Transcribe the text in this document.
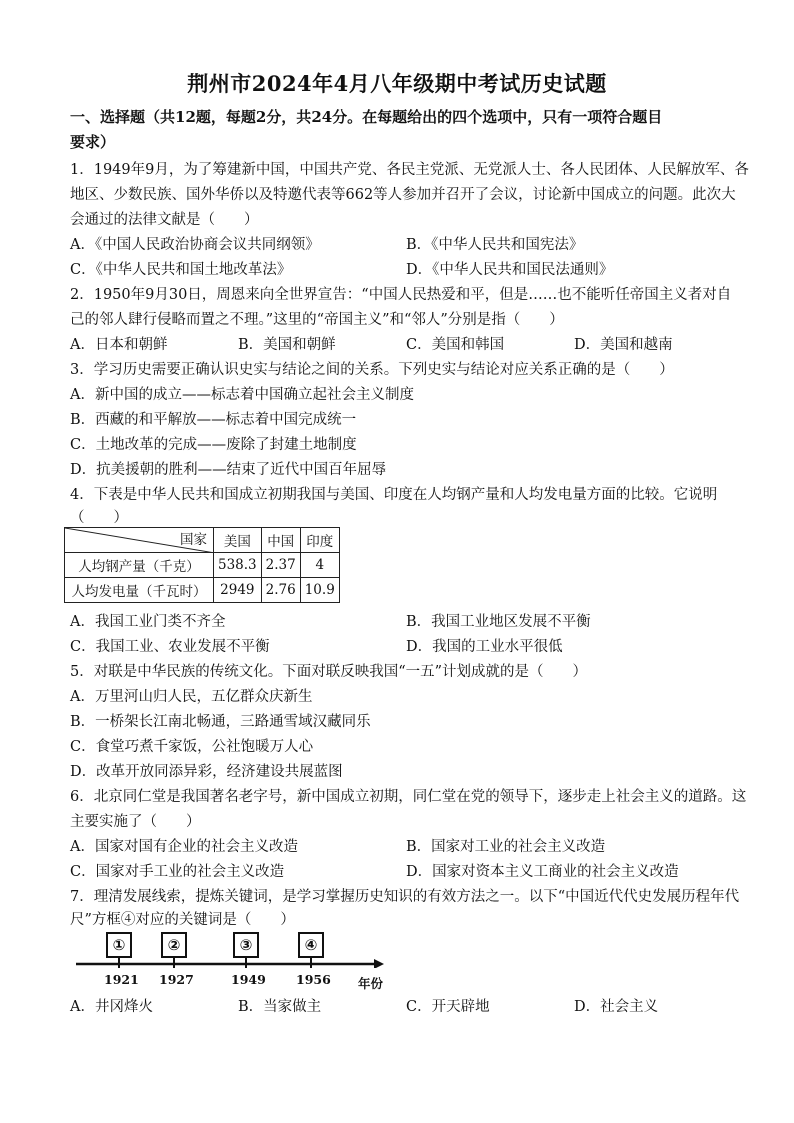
荆州市2024年4月八年级期中考试历史试题
一、选择题（共12题，每题2分，共24分。在每题给出的四个选项中，只有一项符合题目
要求）
1．1949年9月，为了筹建新中国，中国共产党、各民主党派、无党派人士、各人民团体、人民解放军、各
地区、少数民族、国外华侨以及特邀代表等662等人参加并召开了会议，讨论新中国成立的问题。此次大
会通过的法律文献是（　　）
A．《中国人民政治协商会议共同纲领》	B．《中华人民共和国宪法》
C．《中华人民共和国土地改革法》	D．《中华人民共和国民法通则》
2．1950年9月30日，周恩来向全世界宣告：“中国人民热爱和平，但是……也不能听任帝国主义者对自
己的邻人肆行侵略而置之不理。”这里的“帝国主义”和“邻人”分别是指（　　）
A．日本和朝鲜	B．美国和朝鲜	C．美国和韩国	D．美国和越南
3．学习历史需要正确认识史实与结论之间的关系。下列史实与结论对应关系正确的是（　　）
A．新中国的成立——标志着中国确立起社会主义制度
B．西藏的和平解放——标志着中国完成统一
C．土地改革的完成——废除了封建土地制度
D．抗美援朝的胜利——结束了近代中国百年屈辱
4．下表是中华人民共和国成立初期我国与美国、印度在人均钢产量和人均发电量方面的比较。它说明
（　　）
国家	美国	中国	印度
人均钢产量（千克）	538.3	2.37	4
人均发电量（千瓦时）	2949	2.76	10.9
A．我国工业门类不齐全	B．我国工业地区发展不平衡
C．我国工业、农业发展不平衡	D．我国的工业水平很低
5．对联是中华民族的传统文化。下面对联反映我国“一五”计划成就的是（　　）
A．万里河山归人民，五亿群众庆新生
B．一桥架长江南北畅通，三路通雪域汉藏同乐
C．食堂巧煮千家饭，公社饱暖万人心
D．改革开放同添异彩，经济建设共展蓝图
6．北京同仁堂是我国著名老字号，新中国成立初期，同仁堂在党的领导下，逐步走上社会主义的道路。这
主要实施了（　　）
A．国家对国有企业的社会主义改造	B．国家对工业的社会主义改造
C．国家对手工业的社会主义改造	D．国家对资本主义工商业的社会主义改造
7．理清发展线索，提炼关键词，是学习掌握历史知识的有效方法之一。以下“中国近代代史发展历程年代
尺”方框④对应的关键词是（　　）
①	②	③	④
1921 1927	1949 1956 年份
A．井冈烽火	B．当家做主	C．开天辟地	D．社会主义
